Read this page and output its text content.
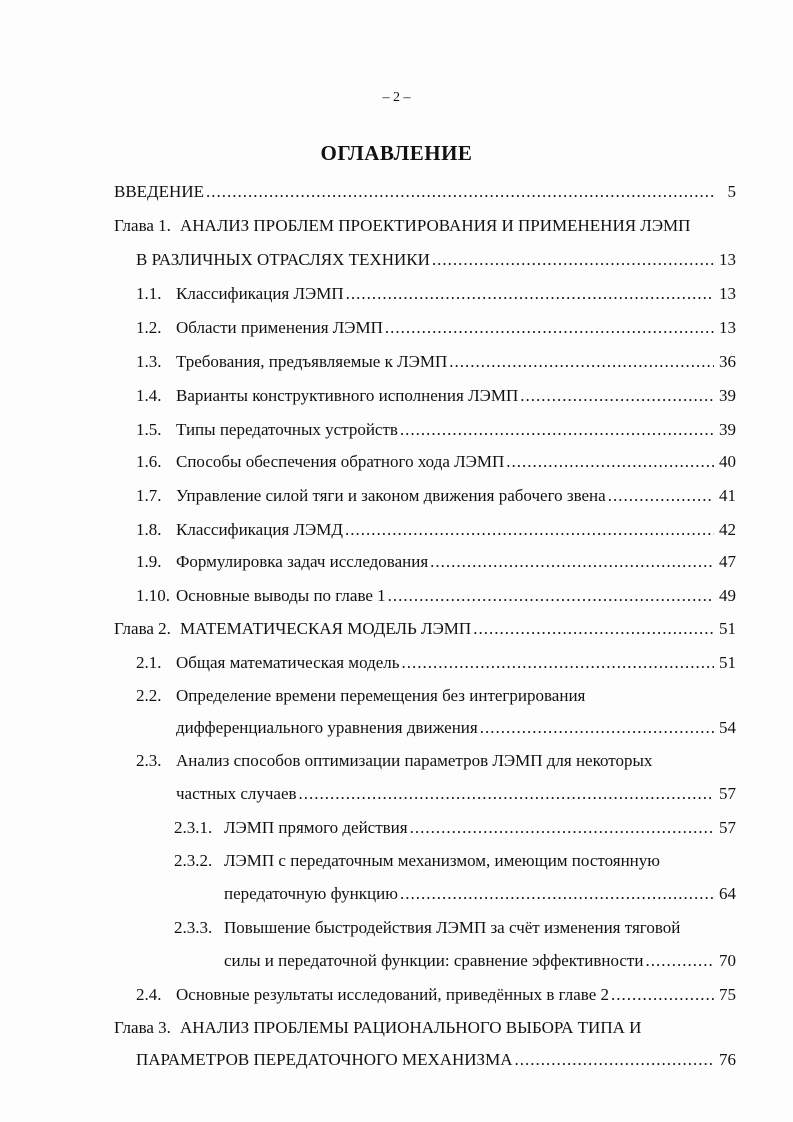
– 2 –
ОГЛАВЛЕНИЕ
ВВЕДЕНИЕ .....	5
Глава 1. АНАЛИЗ ПРОБЛЕМ ПРОЕКТИРОВАНИЯ И ПРИМЕНЕНИЯ ЛЭМП
В РАЗЛИЧНЫХ ОТРАСЛЯХ ТЕХНИКИ .....	13
1.1. Классификация ЛЭМП .....	13
1.2. Области применения ЛЭМП .....	13
1.3. Требования, предъявляемые к ЛЭМП .....	36
1.4. Варианты конструктивного исполнения ЛЭМП .....	39
1.5. Типы передаточных устройств .....	39
1.6. Способы обеспечения обратного хода ЛЭМП .....	40
1.7. Управление силой тяги и законом движения рабочего звена .....	41
1.8. Классификация ЛЭМД .....	42
1.9. Формулировка задач исследования .....	47
1.10. Основные выводы по главе 1 .....	49
Глава 2. МАТЕМАТИЧЕСКАЯ МОДЕЛЬ ЛЭМП .....	51
2.1. Общая математическая модель .....	51
2.2. Определение времени перемещения без интегрирования
дифференциального уравнения движения .....	54
2.3. Анализ способов оптимизации параметров ЛЭМП для некоторых
частных случаев .....	57
2.3.1. ЛЭМП прямого действия .....	57
2.3.2. ЛЭМП с передаточным механизмом, имеющим постоянную
передаточную функцию .....	64
2.3.3. Повышение быстродействия ЛЭМП за счёт изменения тяговой
силы и передаточной функции: сравнение эффективности .....	70
2.4. Основные результаты исследований, приведённых в главе 2 .....	75
Глава 3. АНАЛИЗ ПРОБЛЕМЫ РАЦИОНАЛЬНОГО ВЫБОРА ТИПА И
ПАРАМЕТРОВ ПЕРЕДАТОЧНОГО МЕХАНИЗМА .....	76
